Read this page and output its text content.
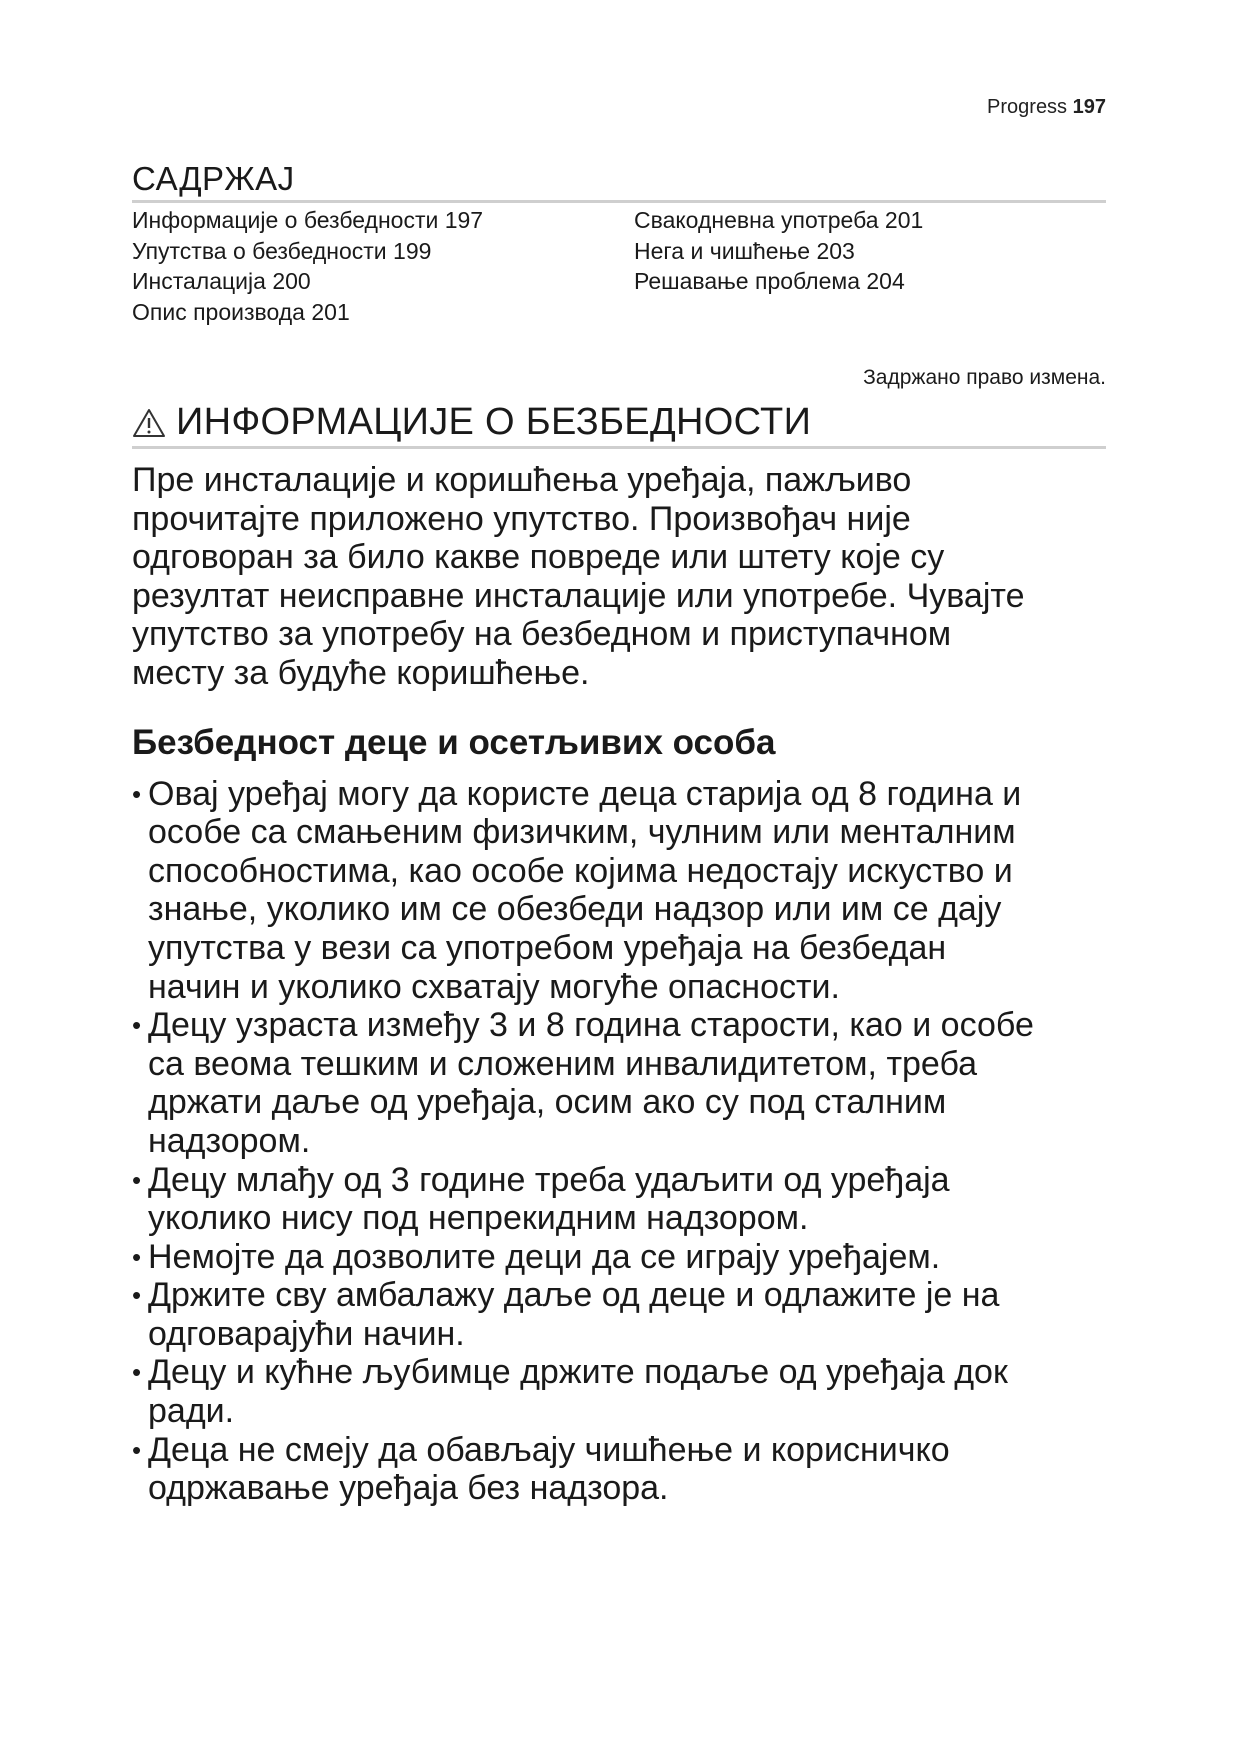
Progress 197
САДРЖАЈ
Информације о безбедности 197
Упутства о безбедности 199
Инсталација 200
Опис производа 201
Свакодневна употреба 201
Нега и чишћење 203
Решавање проблема 204
Задржано право измена.
ИНФОРМАЦИЈЕ О БЕЗБЕДНОСТИ

Пре инсталације и коришћења уређаја, пажљиво
прочитајте приложено упутство. Произвођач није
одговоран за било какве повреде или штету које су
резултат неисправне инсталације или употребе. Чувајте
упутство за употребу на безбедном и приступачном
месту за будуће коришћење.

Безбедност деце и осетљивих особа
• Овај уређај могу да користе деца старија од 8 година и
особе са смањеним физичким, чулним или менталним
способностима, као особе којима недостају искуство и
знање, уколико им се обезбеди надзор или им се дају
упутства у вези са употребом уређаја на безбедан
начин и уколико схватају могуће опасности.
• Децу узраста између 3 и 8 година старости, као и особе
са веома тешким и сложеним инвалидитетом, треба
држати даље од уређаја, осим ако су под сталним
надзором.
• Децу млађу од 3 године треба удаљити од уређаја
уколико нису под непрекидним надзором.
• Немојте да дозволите деци да се играју уређајем.
• Држите сву амбалажу даље од деце и одлажите је на
одговарајући начин.
• Децу и кућне љубимце држите подаље од уређаја док
ради.
• Деца не смеју да обављају чишћење и корисничко
одржавање уређаја без надзора.
